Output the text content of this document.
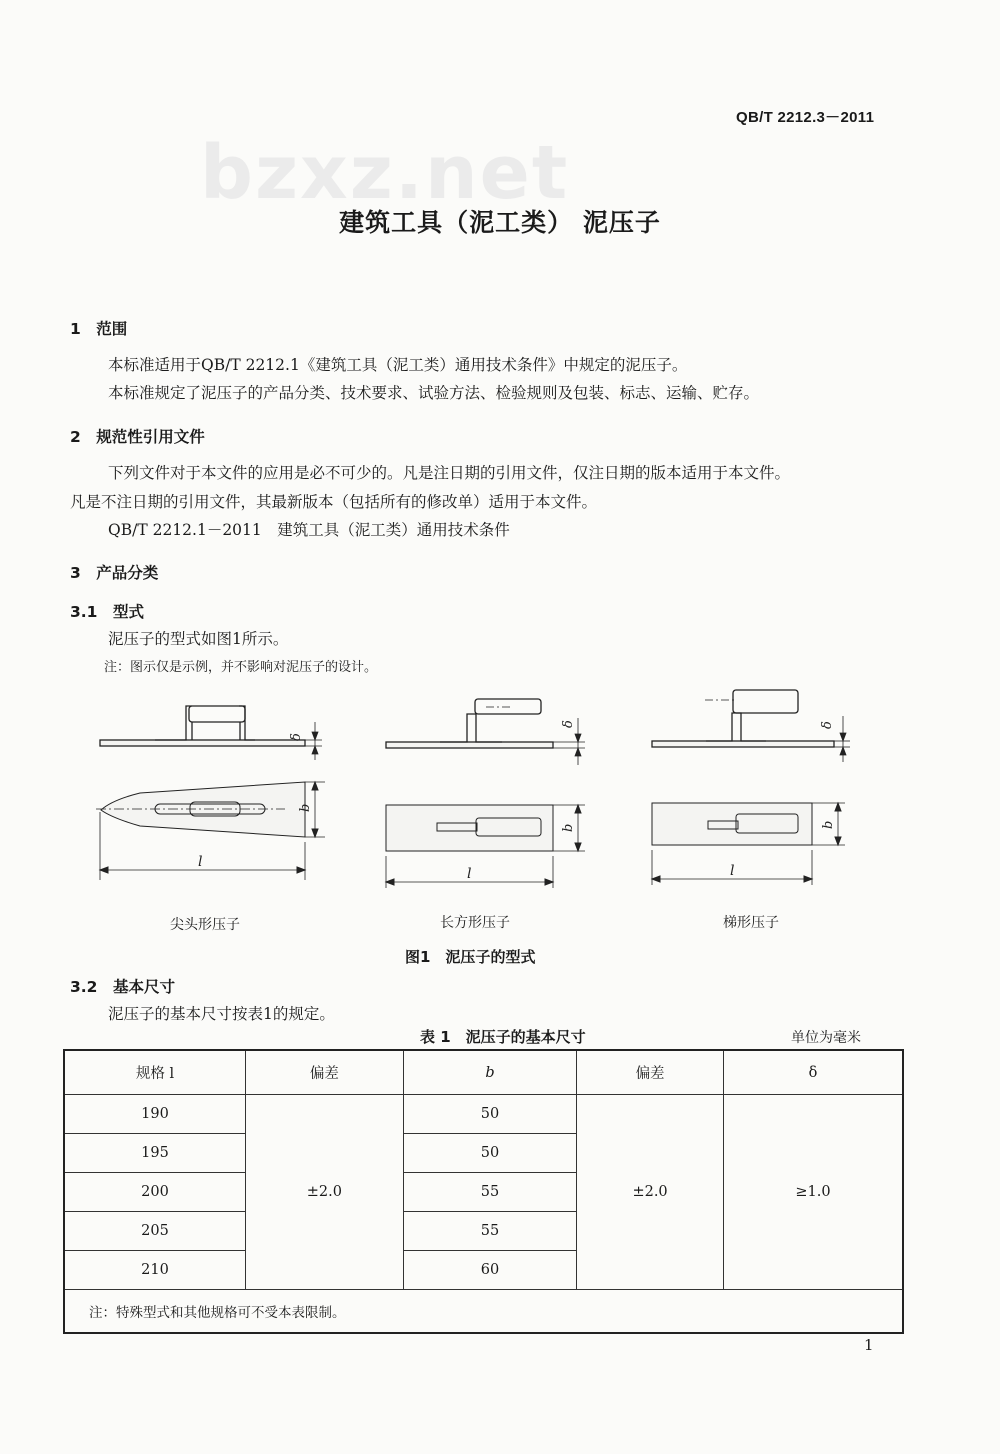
QB/T 2212.3－2011
bzxz.net
建筑工具（泥工类） 泥压子
1　范围
本标准适用于QB/T 2212.1《建筑工具（泥工类）通用技术条件》中规定的泥压子。
本标准规定了泥压子的产品分类、技术要求、试验方法、检验规则及包装、标志、运输、贮存。
2　规范性引用文件
下列文件对于本文件的应用是必不可少的。凡是注日期的引用文件，仅注日期的版本适用于本文件。
凡是不注日期的引用文件，其最新版本（包括所有的修改单）适用于本文件。
QB/T 2212.1－2011　建筑工具（泥工类）通用技术条件
3　产品分类
3.1　型式
泥压子的型式如图1所示。
注：图示仅是示例，并不影响对泥压子的设计。
δ
b
l
δ
b
l
δ
b
l
尖头形压子	长方形压子	梯形压子
图1　泥压子的型式
3.2　基本尺寸
泥压子的基本尺寸按表1的规定。
表 1　泥压子的基本尺寸	单位为毫米
规格 l	偏差	b	偏差	δ
190	±2.0	50	±2.0	≥1.0
195		50		
200		55		
205		55		
210		60		
注：特殊型式和其他规格可不受本表限制。				
1
